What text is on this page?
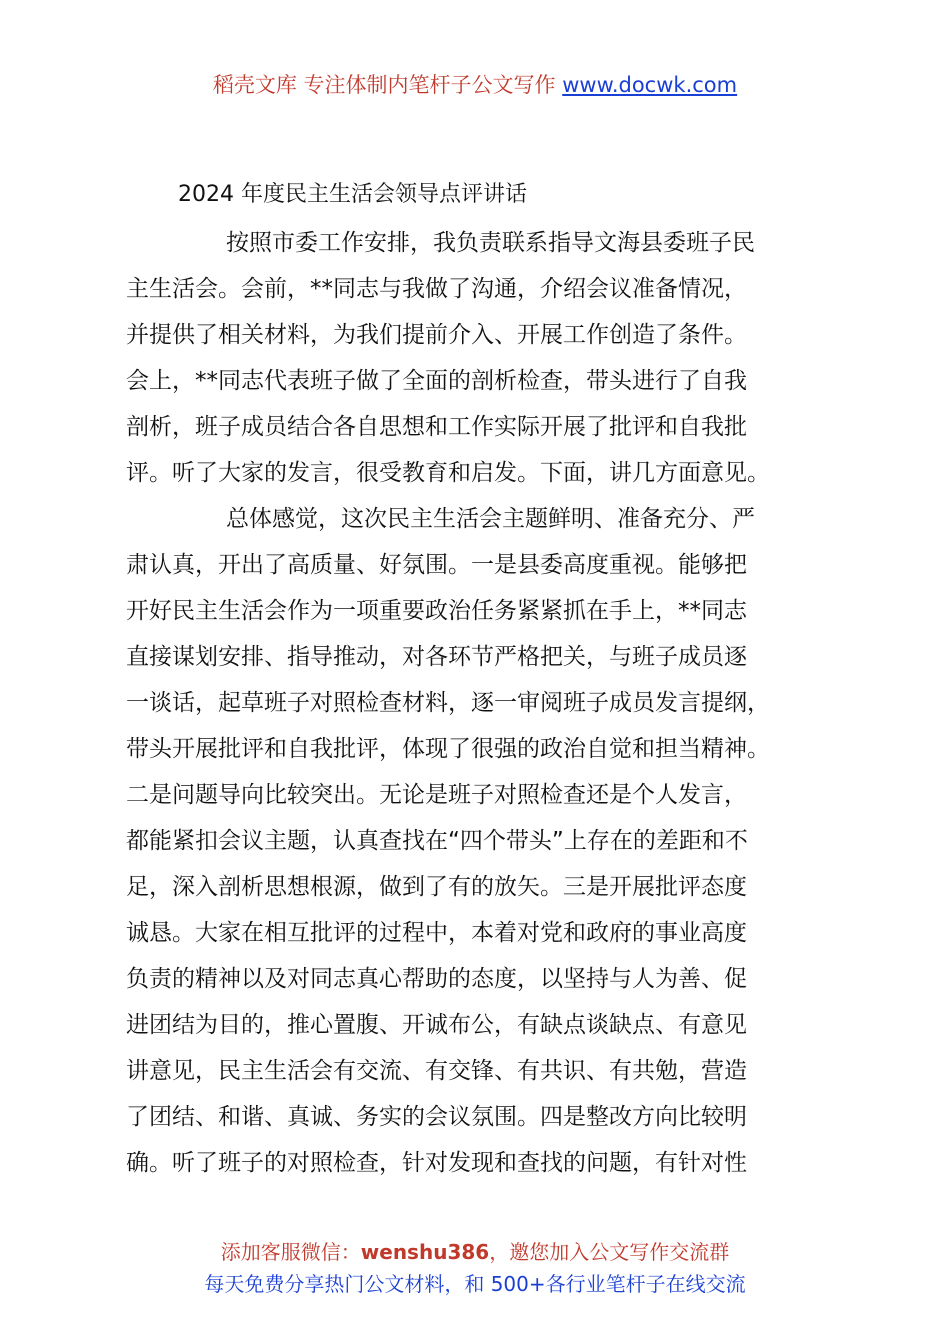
稻壳文库 专注体制内笔杆子公文写作 www.docwk.com
2024 年度民主生活会领导点评讲话
按照市委工作安排，我负责联系指导文海县委班子民
主生活会。会前，**同志与我做了沟通，介绍会议准备情况，
并提供了相关材料，为我们提前介入、开展工作创造了条件。
会上，**同志代表班子做了全面的剖析检查，带头进行了自我
剖析，班子成员结合各自思想和工作实际开展了批评和自我批
评。听了大家的发言，很受教育和启发。下面，讲几方面意见。
总体感觉，这次民主生活会主题鲜明、准备充分、严
肃认真，开出了高质量、好氛围。一是县委高度重视。能够把
开好民主生活会作为一项重要政治任务紧紧抓在手上，**同志
直接谋划安排、指导推动，对各环节严格把关，与班子成员逐
一谈话，起草班子对照检查材料，逐一审阅班子成员发言提纲，
带头开展批评和自我批评，体现了很强的政治自觉和担当精神。
二是问题导向比较突出。无论是班子对照检查还是个人发言，
都能紧扣会议主题，认真查找在“四个带头”上存在的差距和不
足，深入剖析思想根源，做到了有的放矢。三是开展批评态度
诚恳。大家在相互批评的过程中，本着对党和政府的事业高度
负责的精神以及对同志真心帮助的态度，以坚持与人为善、促
进团结为目的，推心置腹、开诚布公，有缺点谈缺点、有意见
讲意见，民主生活会有交流、有交锋、有共识、有共勉，营造
了团结、和谐、真诚、务实的会议氛围。四是整改方向比较明
确。听了班子的对照检查，针对发现和查找的问题，有针对性
添加客服微信：wenshu386，邀您加入公文写作交流群
每天免费分享热门公文材料，和 500+各行业笔杆子在线交流
